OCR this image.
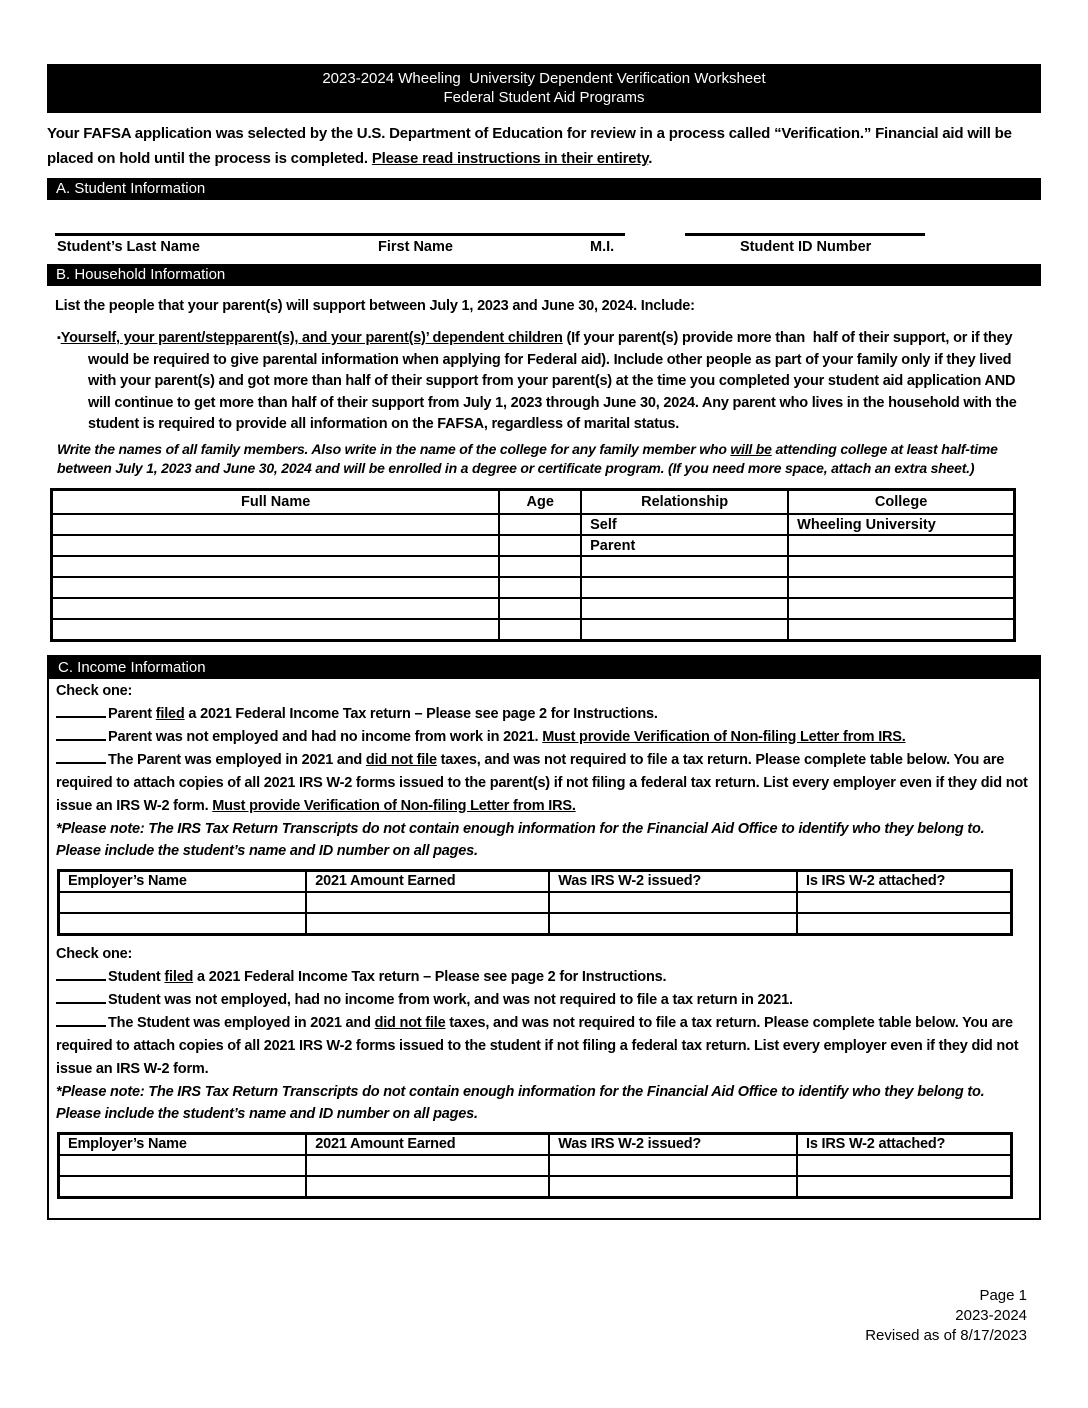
2023-2024 Wheeling  University Dependent Verification Worksheet
Federal Student Aid Programs
Your FAFSA application was selected by the U.S. Department of Education for review in a process called “Verification.” Financial aid will be placed on hold until the process is completed. Please read instructions in their entirety.
A. Student Information
Student’s Last Name	First Name	M.I.	Student ID Number
B. Household Information
List the people that your parent(s) will support between July 1, 2023 and June 30, 2024. Include:
▪Yourself, your parent/stepparent(s), and your parent(s)’ dependent children (If your parent(s) provide more than  half of their support, or if they would be required to give parental information when applying for Federal aid). Include other people as part of your family only if they lived with your parent(s) and got more than half of their support from your parent(s) at the time you completed your student aid application AND will continue to get more than half of their support from July 1, 2023 through June 30, 2024. Any parent who lives in the household with the student is required to provide all information on the FAFSA, regardless of marital status.
Write the names of all family members. Also write in the name of the college for any family member who will be attending college at least half-time between July 1, 2023 and June 30, 2024 and will be enrolled in a degree or certificate program. (If you need more space, attach an extra sheet.)
Full Name	Age	Relationship	College
		Self	Wheeling University
		Parent	

C. Income Information
Check one:
Parent filed a 2021 Federal Income Tax return – Please see page 2 for Instructions.
Parent was not employed and had no income from work in 2021. Must provide Verification of Non-filing Letter from IRS.
The Parent was employed in 2021 and did not file taxes, and was not required to file a tax return. Please complete table below. You are required to attach copies of all 2021 IRS W-2 forms issued to the parent(s) if not filing a federal tax return. List every employer even if they did not issue an IRS W-2 form. Must provide Verification of Non-filing Letter from IRS.
*Please note: The IRS Tax Return Transcripts do not contain enough information for the Financial Aid Office to identify who they belong to.  Please include the student’s name and ID number on all pages.
Employer’s Name	2021 Amount Earned	Was IRS W-2 issued?	Is IRS W-2 attached?

Check one:
Student filed a 2021 Federal Income Tax return – Please see page 2 for Instructions.
Student was not employed, had no income from work, and was not required to file a tax return in 2021.
The Student was employed in 2021 and did not file taxes, and was not required to file a tax return. Please complete table below. You are required to attach copies of all 2021 IRS W-2 forms issued to the student if not filing a federal tax return. List every employer even if they did not issue an IRS W-2 form.
*Please note: The IRS Tax Return Transcripts do not contain enough information for the Financial Aid Office to identify who they belong to.  Please include the student’s name and ID number on all pages.
Employer’s Name	2021 Amount Earned	Was IRS W-2 issued?	Is IRS W-2 attached?

Page 1
2023-2024
Revised as of 8/17/2023
